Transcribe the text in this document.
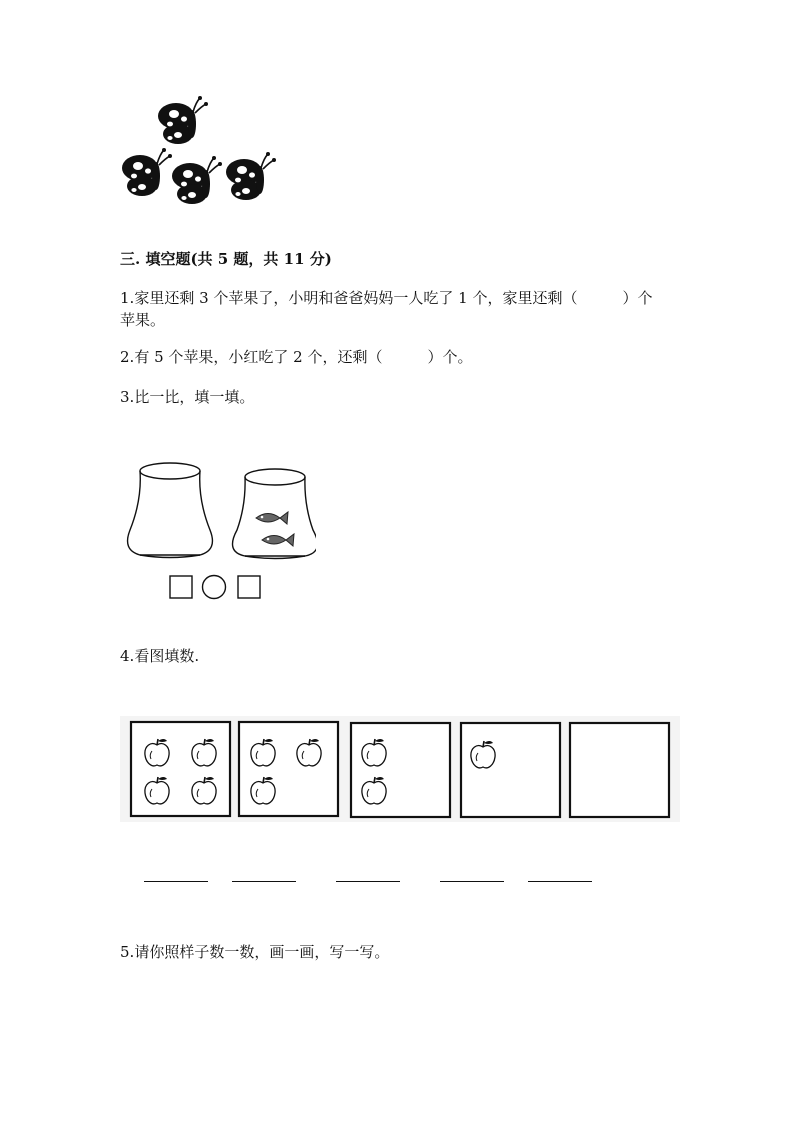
三. 填空题(共 5 题，共 11 分)
1.家里还剩 3 个苹果了，小明和爸爸妈妈一人吃了 1 个，家里还剩（　　　）个
苹果。
2.有 5 个苹果，小红吃了 2 个，还剩（　　　）个。
3.比一比，填一填。
4.看图填数.
5.请你照样子数一数，画一画，写一写。
